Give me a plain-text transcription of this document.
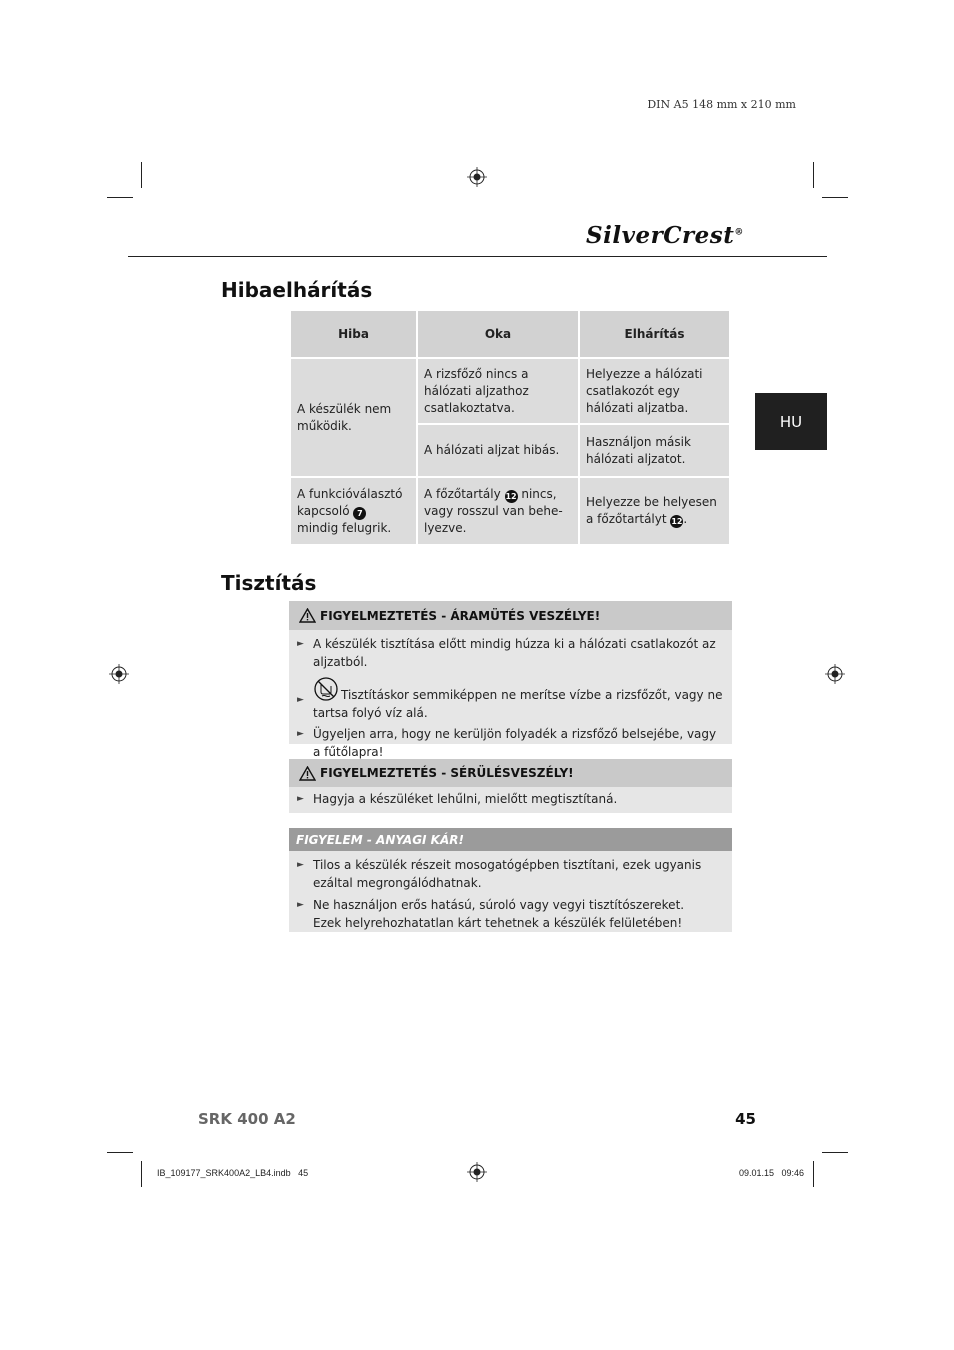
DIN A5 148 mm x 210 mm
SilverCrest®
HU
Hibaelhárítás
Hiba	Oka	Elhárítás
A készülék nem működik.	A rizsfőző nincs a hálózati aljzathoz csatlakoztatva.	Helyezze a hálózati csatlakozót egy hálózati aljzatba.
	A hálózati aljzat hibás.	Használjon másik hálózati aljzatot.
A funkcióválasztó kapcsoló 7 mindig felugrik.	A főzőtartály 12 nincs, vagy rosszul van behe-lyezve.	Helyezze be helyesen a főzőtartályt 12.
Tisztítás
FIGYELMEZTETÉS - ÁRAMÜTÉS VESZÉLYE!
► A készülék tisztítása előtt mindig húzza ki a hálózati csatlakozót az aljzatból.
►	Tisztításkor semmiképpen ne merítse vízbe a rizsfőzőt, vagy ne tartsa folyó víz alá.
► Ügyeljen arra, hogy ne kerüljön folyadék a rizsfőző belsejébe, vagy a fűtőlapra!
FIGYELMEZTETÉS - SÉRÜLÉSVESZÉLY!
► Hagyja a készüléket lehűlni, mielőtt megtisztítaná.
FIGYELEM - ANYAGI KÁR!
► Tilos a készülék részeit mosogatógépben tisztítani, ezek ugyanis ezáltal megrongálódhatnak.
► Ne használjon erős hatású, súroló vagy vegyi tisztítószereket.
Ezek helyrehozhatatlan kárt tehetnek a készülék felületében!
SRK 400 A2	45
IB_109177_SRK400A2_LB4.indb   45	09.01.15   09:46
